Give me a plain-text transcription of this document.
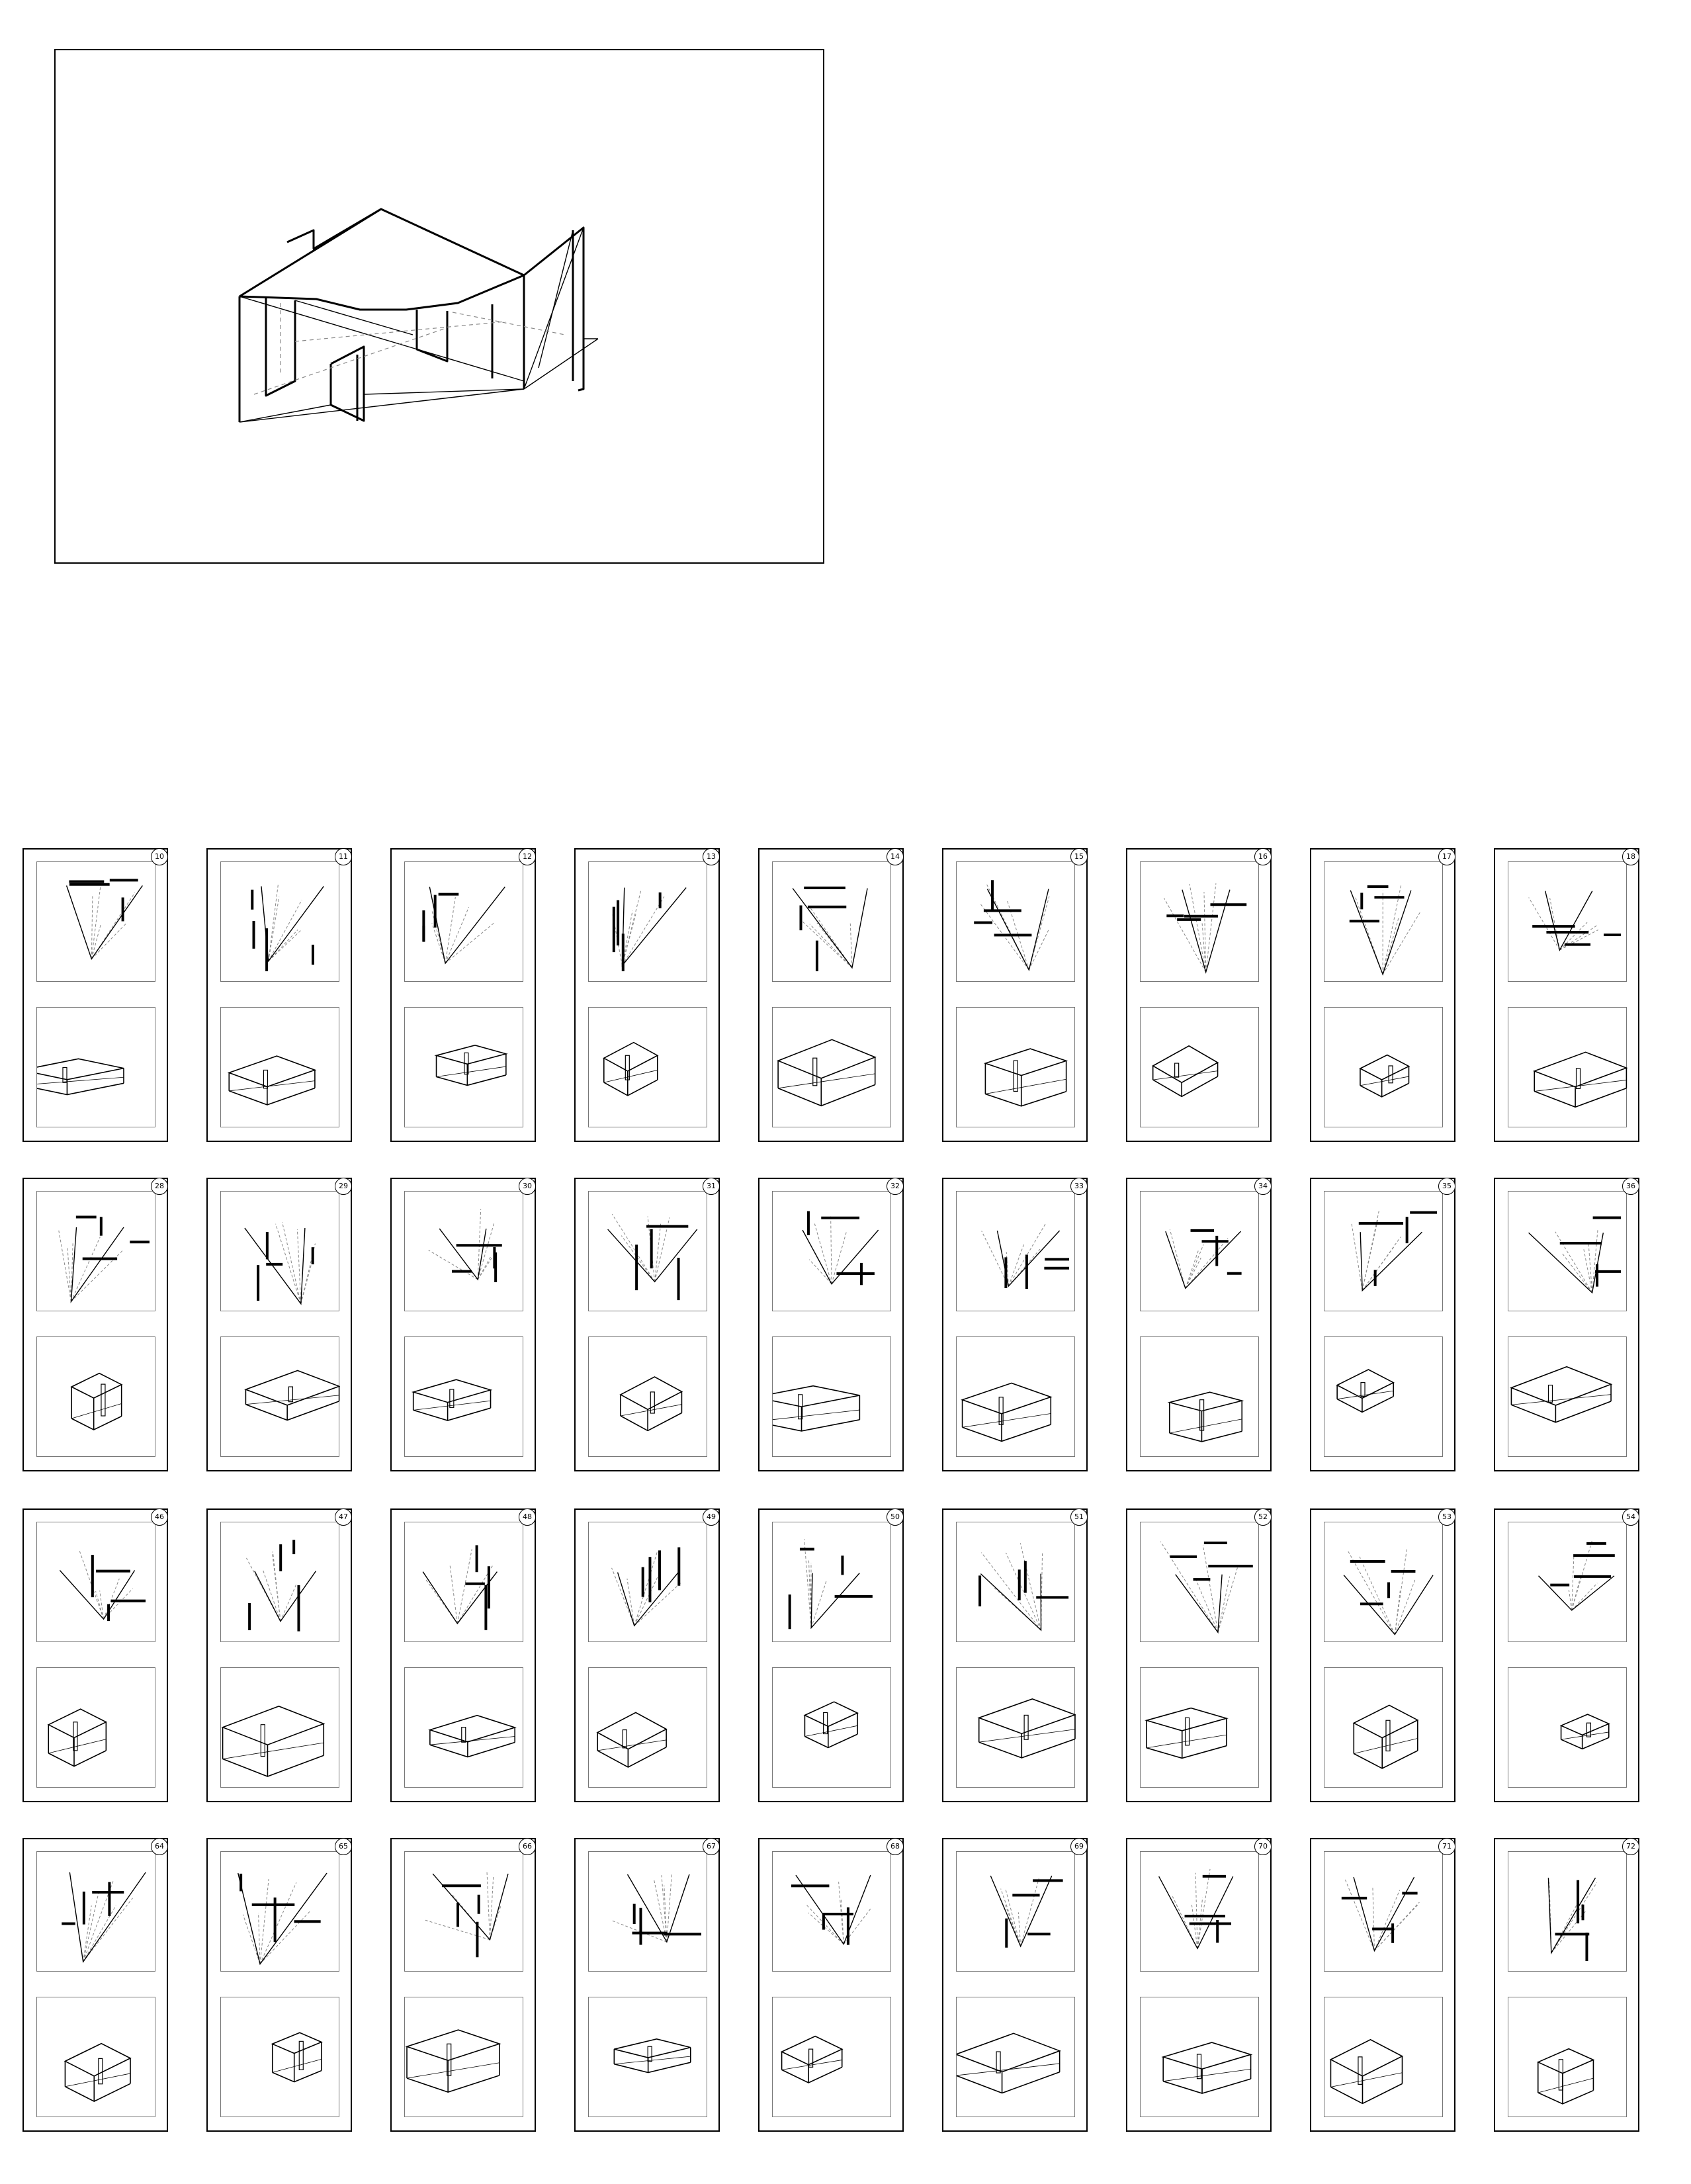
10	11	12	13	14	15	16	17	18
28	29	30	31	32	33	34	35	36
46	47	48	49	50	51	52	53	54
64	65	66	67	68	69	70	71	72
